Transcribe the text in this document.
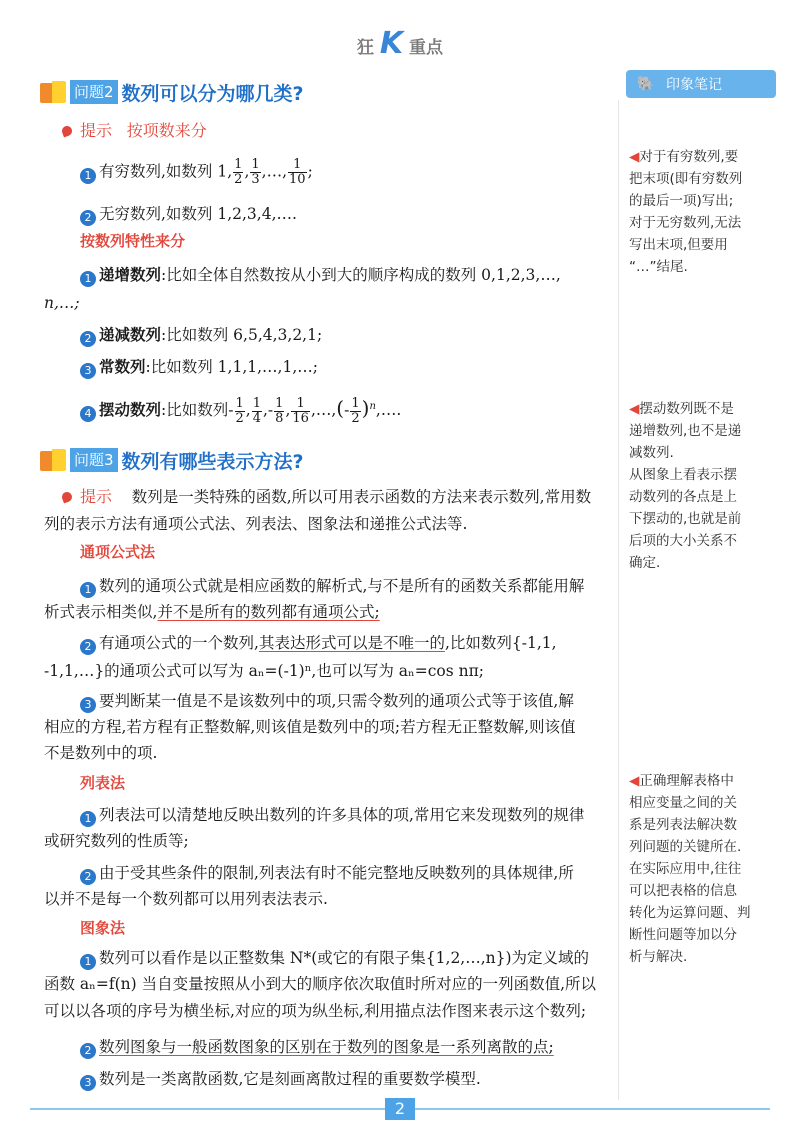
狂 K 重点
🐘 印象笔记
问题2 数列可以分为哪几类?
提示 按项数来分
1 有穷数列,如数列 1, $\frac{1}{2}$ , $\frac{1}{3}$ ,…, $\frac{1}{10}$ ;
2 无穷数列,如数列 1,2,3,4,….
按数列特性来分
1 递增数列:比如全体自然数按从小到大的顺序构成的数列 0,1,2,3,…,
n,…;
2 递减数列:比如数列 6,5,4,3,2,1;
3 常数列:比如数列 1,1,1,…,1,…;
4 摆动数列:比如数列- $\frac{1}{2}$ , $\frac{1}{4}$ ,- $\frac{1}{8}$ , $\frac{1}{16}$ ,…,(- $\frac{1}{2}$ )$^n$,….
问题3 数列有哪些表示方法?
提示 数列是一类特殊的函数,所以可用表示函数的方法来表示数列,常用数
列的表示方法有通项公式法、列表法、图象法和递推公式法等.
通项公式法
1 数列的通项公式就是相应函数的解析式,与不是所有的函数关系都能用解
析式表示相类似,并不是所有的数列都有通项公式;
2 有通项公式的一个数列,其表达形式可以是不唯一的,比如数列{-1,1,
-1,1,…}的通项公式可以写为 aₙ=(-1)ⁿ,也可以写为 aₙ=cos nπ;
3 要判断某一值是不是该数列中的项,只需令数列的通项公式等于该值,解
相应的方程,若方程有正整数解,则该值是数列中的项;若方程无正整数解,则该值
不是数列中的项.
列表法
1 列表法可以清楚地反映出数列的许多具体的项,常用它来发现数列的规律
或研究数列的性质等;
2 由于受其些条件的限制,列表法有时不能完整地反映数列的具体规律,所
以并不是每一个数列都可以用列表法表示.
图象法
1 数列可以看作是以正整数集 N*(或它的有限子集{1,2,…,n})为定义域的
函数 aₙ=f(n) 当自变量按照从小到大的顺序依次取值时所对应的一列函数值,所以
可以以各项的序号为横坐标,对应的项为纵坐标,利用描点法作图来表示这个数列;
2 数列图象与一般函数图象的区别在于数列的图象是一系列离散的点;
3 数列是一类离散函数,它是刻画离散过程的重要数学模型.
◀对于有穷数列,要
把末项(即有穷数列
的最后一项)写出;
对于无穷数列,无法
写出末项,但要用
“…”结尾.
◀摆动数列既不是
递增数列,也不是递
减数列.
从图象上看表示摆
动数列的各点是上
下摆动的,也就是前
后项的大小关系不
确定.
◀正确理解表格中
相应变量之间的关
系是列表法解决数
列问题的关键所在.
在实际应用中,往往
可以把表格的信息
转化为运算问题、判
断性问题等加以分
析与解决.
2
